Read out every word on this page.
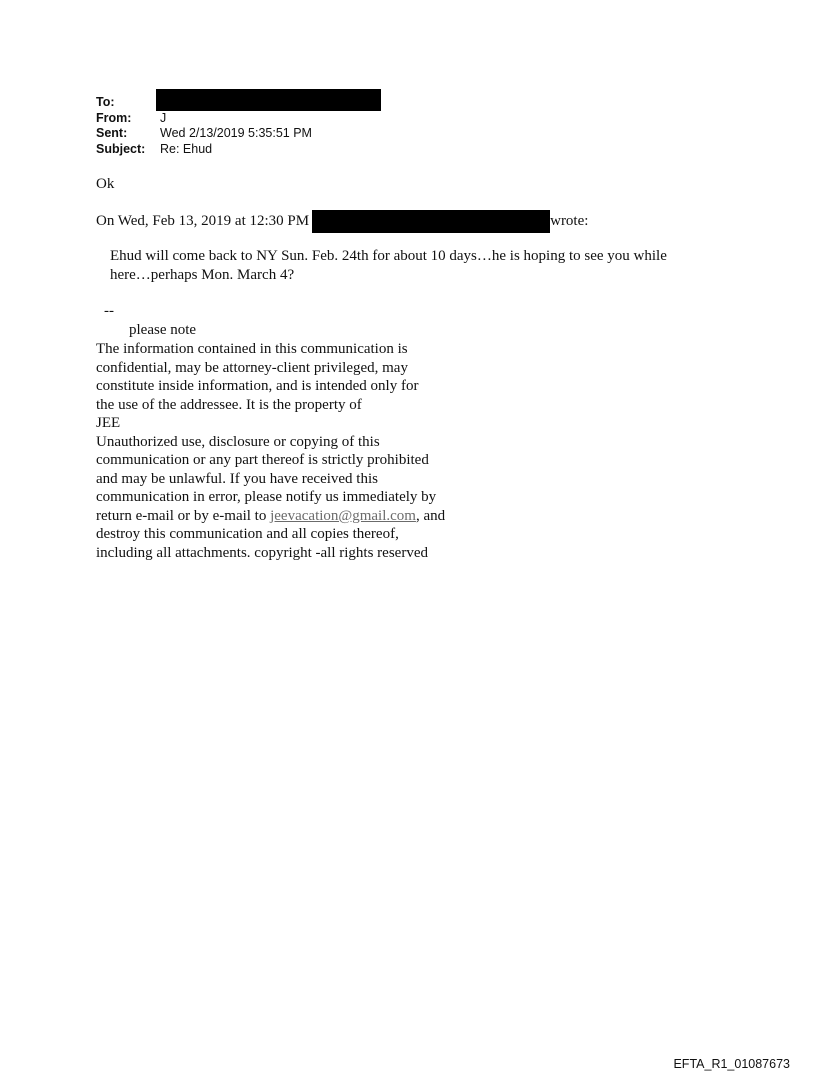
To:
From:	J
Sent:	Wed 2/13/2019 5:35:51 PM
Subject:	Re: Ehud
Ok
On Wed, Feb 13, 2019 at 12:30 PM	wrote:
Ehud will come back to NY Sun. Feb. 24th for about 10 days…he is hoping to see you while
here…perhaps Mon. March 4?
--
please note
The information contained in this communication is
confidential, may be attorney-client privileged, may
constitute inside information, and is intended only for
the use of the addressee. It is the property of
JEE
Unauthorized use, disclosure or copying of this
communication or any part thereof is strictly prohibited
and may be unlawful. If you have received this
communication in error, please notify us immediately by
return e-mail or by e-mail to jeevacation@gmail.com, and
destroy this communication and all copies thereof,
including all attachments. copyright -all rights reserved
EFTA_R1_01087673
